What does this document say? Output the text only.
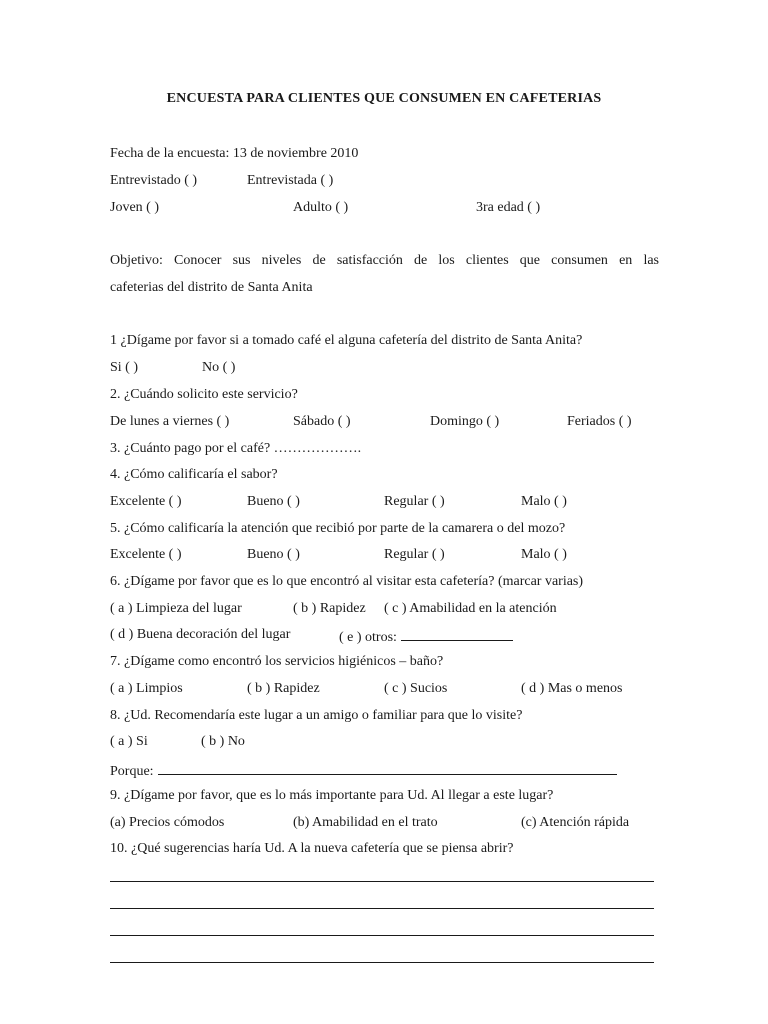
ENCUESTA PARA CLIENTES QUE CONSUMEN EN CAFETERIAS
Fecha de la encuesta: 13 de noviembre 2010
Entrevistado ( )	Entrevistada ( )
Joven ( )	Adulto ( )	3ra edad ( )
Objetivo: Conocer sus niveles de satisfacción de los clientes que consumen en las
cafeterias del distrito de Santa Anita
1 ¿Dígame por favor si a tomado café el alguna cafetería del distrito de Santa Anita?
Si ( )	No ( )
2. ¿Cuándo solicito este servicio?
De lunes a viernes ( )	Sábado ( )	Domingo ( )	Feriados ( )
3. ¿Cuánto pago por el café? ……………….
4. ¿Cómo calificaría el sabor?
Excelente ( )	Bueno ( )	Regular ( )	Malo ( )
5. ¿Cómo calificaría la atención que recibió por parte de la camarera o del mozo?
Excelente ( )	Bueno ( )	Regular ( )	Malo ( )
6. ¿Dígame por favor que es lo que encontró al visitar esta cafetería? (marcar varias)
( a ) Limpieza del lugar	( b ) Rapidez ( c ) Amabilidad en la atención
( d ) Buena decoración del lugar	( e ) otros:
7. ¿Dígame como encontró los servicios higiénicos – baño?
( a ) Limpios	( b ) Rapidez	( c ) Sucios	( d ) Mas o menos
8. ¿Ud. Recomendaría este lugar a un amigo o familiar para que lo visite?
( a ) Si	( b ) No
Porque:
9. ¿Dígame por favor, que es lo más importante para Ud. Al llegar a este lugar?
(a) Precios cómodos	(b) Amabilidad en el trato	(c) Atención rápida
10. ¿Qué sugerencias haría Ud. A la nueva cafetería que se piensa abrir?
